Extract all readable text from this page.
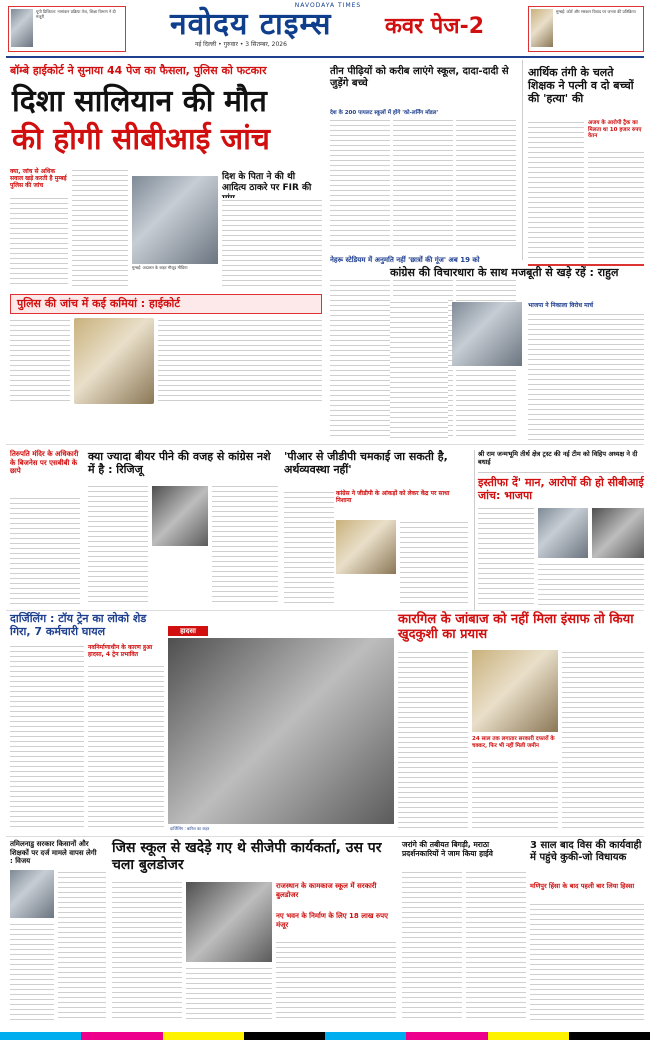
यूपी डिजिटल: नामांकन प्रक्रिया तेज, शिक्षा विभाग ने दी मंजूरी
NAVODAYA TIMES
नवोदय टाइम्स
नई दिल्ली • गुरुवार • 3 सितम्बर, 2026
कवर पेज-2
मुम्बई: कोर्ट और सरकार विवाद पर जनता की प्रतिक्रिया
बॉम्बे हाईकोर्ट ने सुनाया 44 पेज का फैसला, पुलिस को फटकार
दिशा सालियान की मौत
की होगी सीबीआई जांच
क्या, जांच से अधिक सवाल खड़े करती है मुम्बई पुलिस की जांच
मुम्बई: अदालत के बाहर मौजूद मीडिया
दिश के पिता ने की थी आदित्य ठाकरे पर FIR की
पुलिस की जांच में कई कमियां : हाईकोर्ट
तीन पीढ़ियों को करीब लाएंगे स्कूल, दादा-दादी से जुड़ेंगे बच्चे
देश के 200 पायलट स्कूलों में होंगे 'को-लर्निंग मॉडल'
आर्थिक तंगी के चलते शिक्षक ने पत्नी व दो बच्चों की 'हत्या' की
अजय के आरोपी ट्रैक का मिलता था 10 हजार रुपए वेतन
नेहरू स्टेडियम में अनुमति नहीं 'छात्रों की गूंज' अब 19 को
कांग्रेस की विचारधारा के साथ मजबूती से खड़े रहें : राहुल
भाजपा ने निकाला विरोध मार्च
तिरुपति मंदिर के अधिकारी के बिजनेस पर एसबीबी के छापे
क्या ज्यादा बीयर पीने की वजह से कांग्रेस नशे में है : रिजिजू
'पीआर से जीडीपी चमकाई जा सकती है, अर्थव्यवस्था नहीं'
कांग्रेस ने जीडीपी के आंकड़ों को लेकर केंद्र पर साधा निशाना
श्री राम जन्मभूमि तीर्थ क्षेत्र ट्रस्ट की नई टीम को विहिप अध्यक्ष ने दी बधाई
इस्तीफा दें' मान, आरोपों की हो सीबीआई जांच: भाजपा
दार्जिलिंग : टॉय ट्रेन का लोको शेड गिरा, 7 कर्मचारी घायल
नवनिर्माणाधीन के कारण हुआ हादसा, 4 ट्रेन प्रभावित
हादसा
दार्जिलिंग : बारिश का कहर
कारगिल के जांबाज को नहीं मिला इंसाफ तो किया खुदकुशी का प्रयास
24 साल तक लगातार सरकारी दफ्तरों के चक्कर, फिर भी नहीं मिली जमीन
तमिलनाडु सरकार किसानों और शिक्षकों पर दर्ज मामले वापस लेगी : विजय
जिस स्कूल से खदेड़े गए थे सीजेपी कार्यकर्ता, उस पर चला बुलडोजर
राजस्थान के कामकाज स्कूल में सरकारी बुलडोजर
नए भवन के निर्माण के लिए 18 लाख रुपए मंजूर
जरांगे की तबीयत बिगड़ी, मराठा प्रदर्शनकारियों ने जाम किया हाईवे
3 साल बाद विस की कार्यवाही में पहुंचे कुकी-जो विधायक
मणिपुर हिंसा के बाद पहली बार लिया हिस्सा
